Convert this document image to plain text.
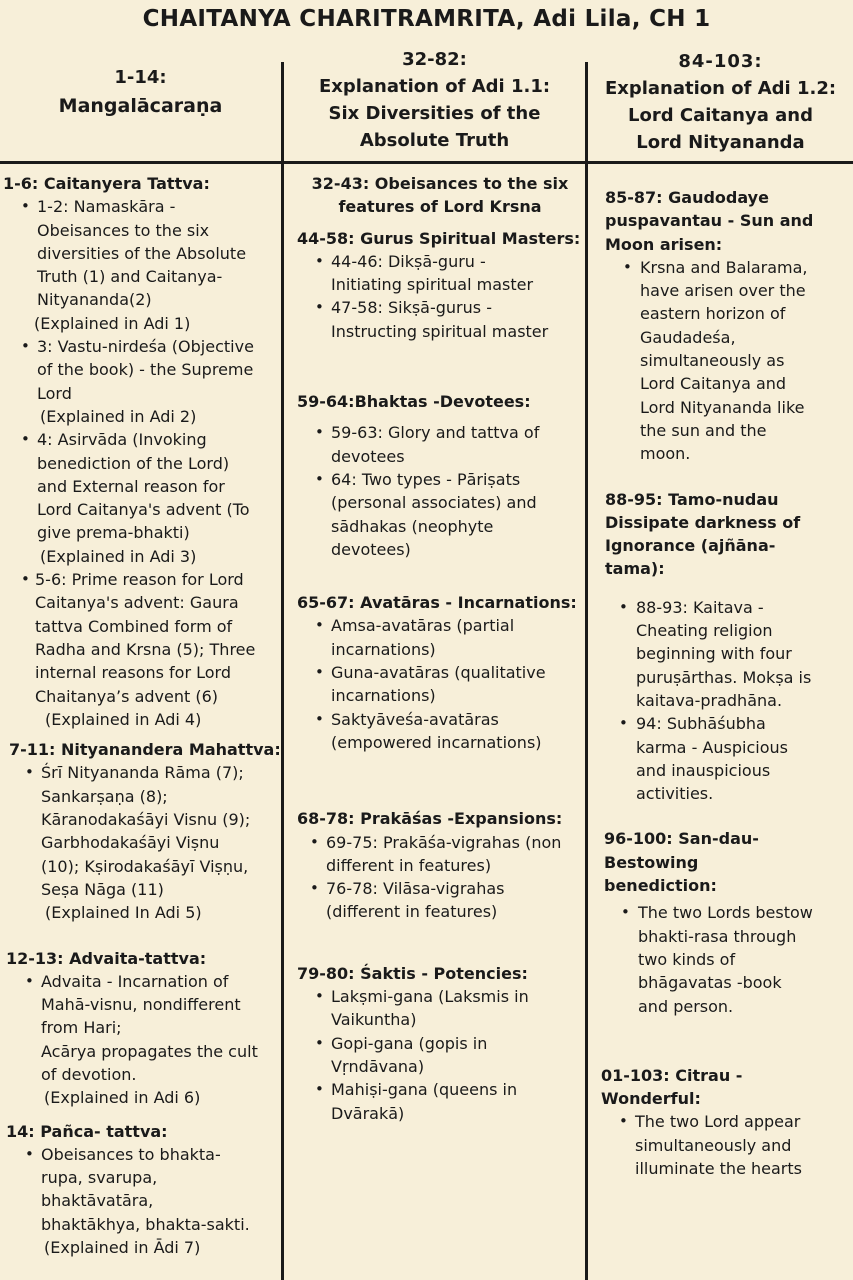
CHAITANYA CHARITRAMRITA, Adi Lila, CH 1
1-14:
Mangalācaraṇa
32-82:
Explanation of Adi 1.1:
Six Diversities of the
Absolute Truth
84-103:
Explanation of Adi 1.2:
Lord Caitanya and
Lord Nityananda
1-6: Caitanyera Tattva:
• 1-2: Namaskāra -
Obeisances to the six
diversities of the Absolute
Truth (1) and Caitanya-
Nityananda(2)
(Explained in Adi 1)
• 3: Vastu-nirdeśa (Objective
of the book) - the Supreme
Lord
(Explained in Adi 2)
• 4: Asirvāda (Invoking
benediction of the Lord)
and External reason for
Lord Caitanya's advent (To
give prema-bhakti)
(Explained in Adi 3)
• 5-6: Prime reason for Lord
Caitanya's advent: Gaura
tattva Combined form of
Radha and Krsna (5); Three
internal reasons for Lord
Chaitanya’s advent (6)
(Explained in Adi 4)
7-11: Nityanandera Mahattva:
• Śrī Nityananda Rāma (7);
Sankarṣaṇa (8);
Kāranodakaśāyi Visnu (9);
Garbhodakaśāyi Viṣnu
(10); Kṣirodakaśāyī Viṣṇu,
Seṣa Nāga (11)
(Explained In Adi 5)
12-13: Advaita-tattva:
• Advaita - Incarnation of
Mahā-visnu, nondifferent
from Hari;
Acārya propagates the cult
of devotion.
(Explained in Adi 6)
14: Pañca- tattva:
• Obeisances to bhakta-
rupa, svarupa,
bhaktāvatāra,
bhaktākhya, bhakta-sakti.
(Explained in Ādi 7)
32-43: Obeisances to the six
features of Lord Krsna
44-58: Gurus Spiritual Masters:
• 44-46: Dikṣā-guru -
Initiating spiritual master
• 47-58: Sikṣā-gurus -
Instructing spiritual master
59-64:Bhaktas -Devotees:
• 59-63: Glory and tattva of
devotees
• 64: Two types - Pāriṣats
(personal associates) and
sādhakas (neophyte
devotees)
65-67: Avatāras - Incarnations:
• Amsa-avatāras (partial
incarnations)
• Guna-avatāras (qualitative
incarnations)
• Saktyāveśa-avatāras
(empowered incarnations)
68-78: Prakāśas -Expansions:
• 69-75: Prakāśa-vigrahas (non
different in features)
• 76-78: Vilāsa-vigrahas
(different in features)
79-80: Śaktis - Potencies:
• Lakṣmi-gana (Laksmis in
Vaikuntha)
• Gopi-gana (gopis in
Vṛndāvana)
• Mahiṣi-gana (queens in
Dvārakā)
85-87: Gaudodaye
puspavantau - Sun and
Moon arisen:
• Krsna and Balarama,
have arisen over the
eastern horizon of
Gaudadeśa,
simultaneously as
Lord Caitanya and
Lord Nityananda like
the sun and the
moon.
88-95: Tamo-nudau
Dissipate darkness of
Ignorance (ajñāna-
tama):
• 88-93: Kaitava -
Cheating religion
beginning with four
puruṣārthas. Mokṣa is
kaitava-pradhāna.
• 94: Subhāśubha
karma - Auspicious
and inauspicious
activities.
96-100: San-dau-
Bestowing
benediction:
• The two Lords bestow
bhakti-rasa through
two kinds of
bhāgavatas -book
and person.
01-103: Citrau -
Wonderful:
• The two Lord appear
simultaneously and
illuminate the hearts
